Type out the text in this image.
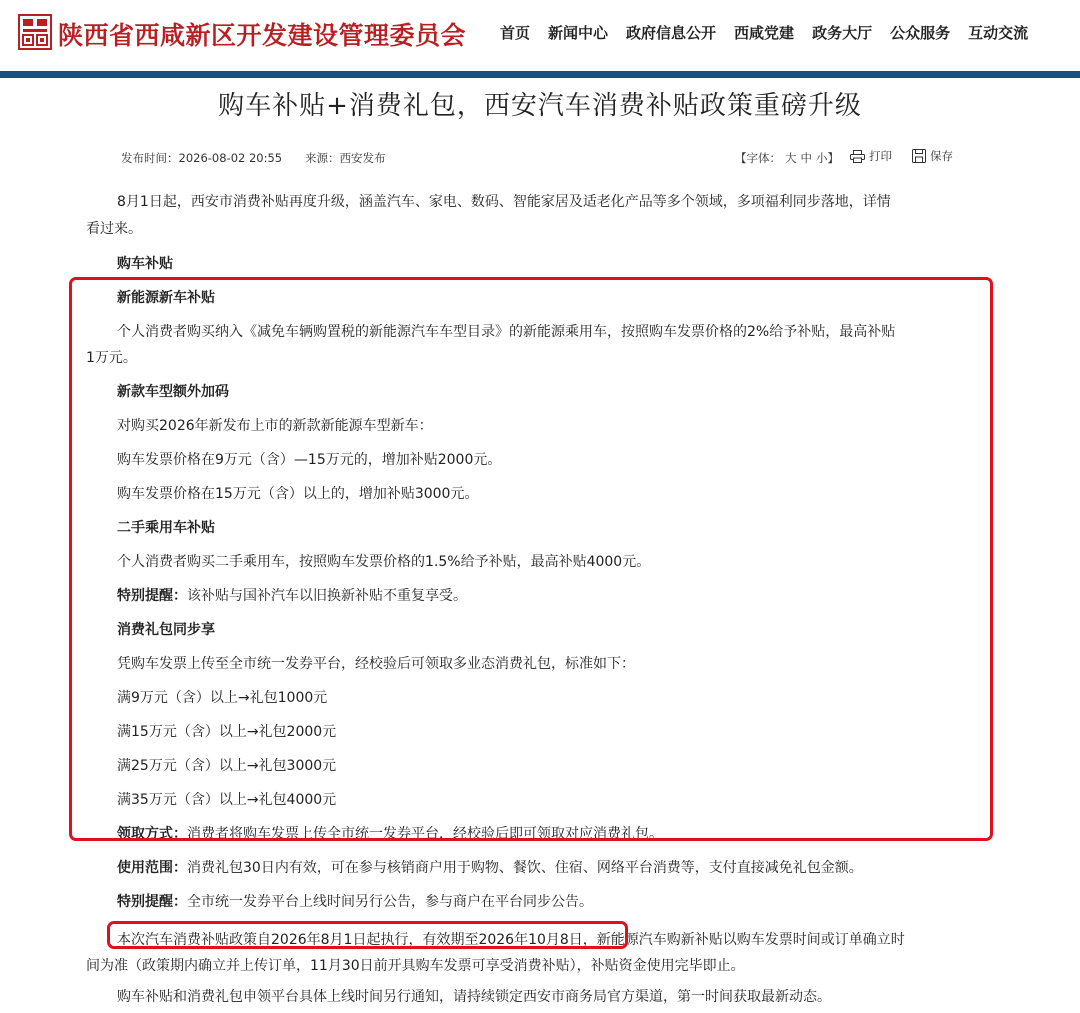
陕西省西咸新区开发建设管理委员会 首页 新闻中心 政府信息公开 西咸党建 政务大厅 公众服务 互动交流
购车补贴+消费礼包，西安汽车消费补贴政策重磅升级
发布时间：2026-08-02 20:55 来源：西安发布	【字体： 大 中 小】	打印	保存
8月1日起，西安市消费补贴再度升级，涵盖汽车、家电、数码、智能家居及适老化产品等多个领域，多项福利同步落地，详情
看过来。
购车补贴
新能源新车补贴
个人消费者购买纳入《减免车辆购置税的新能源汽车车型目录》的新能源乘用车，按照购车发票价格的2%给予补贴，最高补贴
1万元。
新款车型额外加码
对购买2026年新发布上市的新款新能源车型新车：
购车发票价格在9万元（含）—15万元的，增加补贴2000元。
购车发票价格在15万元（含）以上的，增加补贴3000元。
二手乘用车补贴
个人消费者购买二手乘用车，按照购车发票价格的1.5%给予补贴，最高补贴4000元。
特别提醒：该补贴与国补汽车以旧换新补贴不重复享受。
消费礼包同步享
凭购车发票上传至全市统一发券平台，经校验后可领取多业态消费礼包，标准如下：
满9万元（含）以上→礼包1000元
满15万元（含）以上→礼包2000元
满25万元（含）以上→礼包3000元
满35万元（含）以上→礼包4000元
领取方式：消费者将购车发票上传全市统一发券平台，经校验后即可领取对应消费礼包。
使用范围：消费礼包30日内有效，可在参与核销商户用于购物、餐饮、住宿、网络平台消费等，支付直接减免礼包金额。
特别提醒：全市统一发券平台上线时间另行公告，参与商户在平台同步公告。
本次汽车消费补贴政策自2026年8月1日起执行，有效期至2026年10月8日，新能源汽车购新补贴以购车发票时间或订单确立时
间为准（政策期内确立并上传订单，11月30日前开具购车发票可享受消费补贴），补贴资金使用完毕即止。
购车补贴和消费礼包申领平台具体上线时间另行通知，请持续锁定西安市商务局官方渠道，第一时间获取最新动态。
